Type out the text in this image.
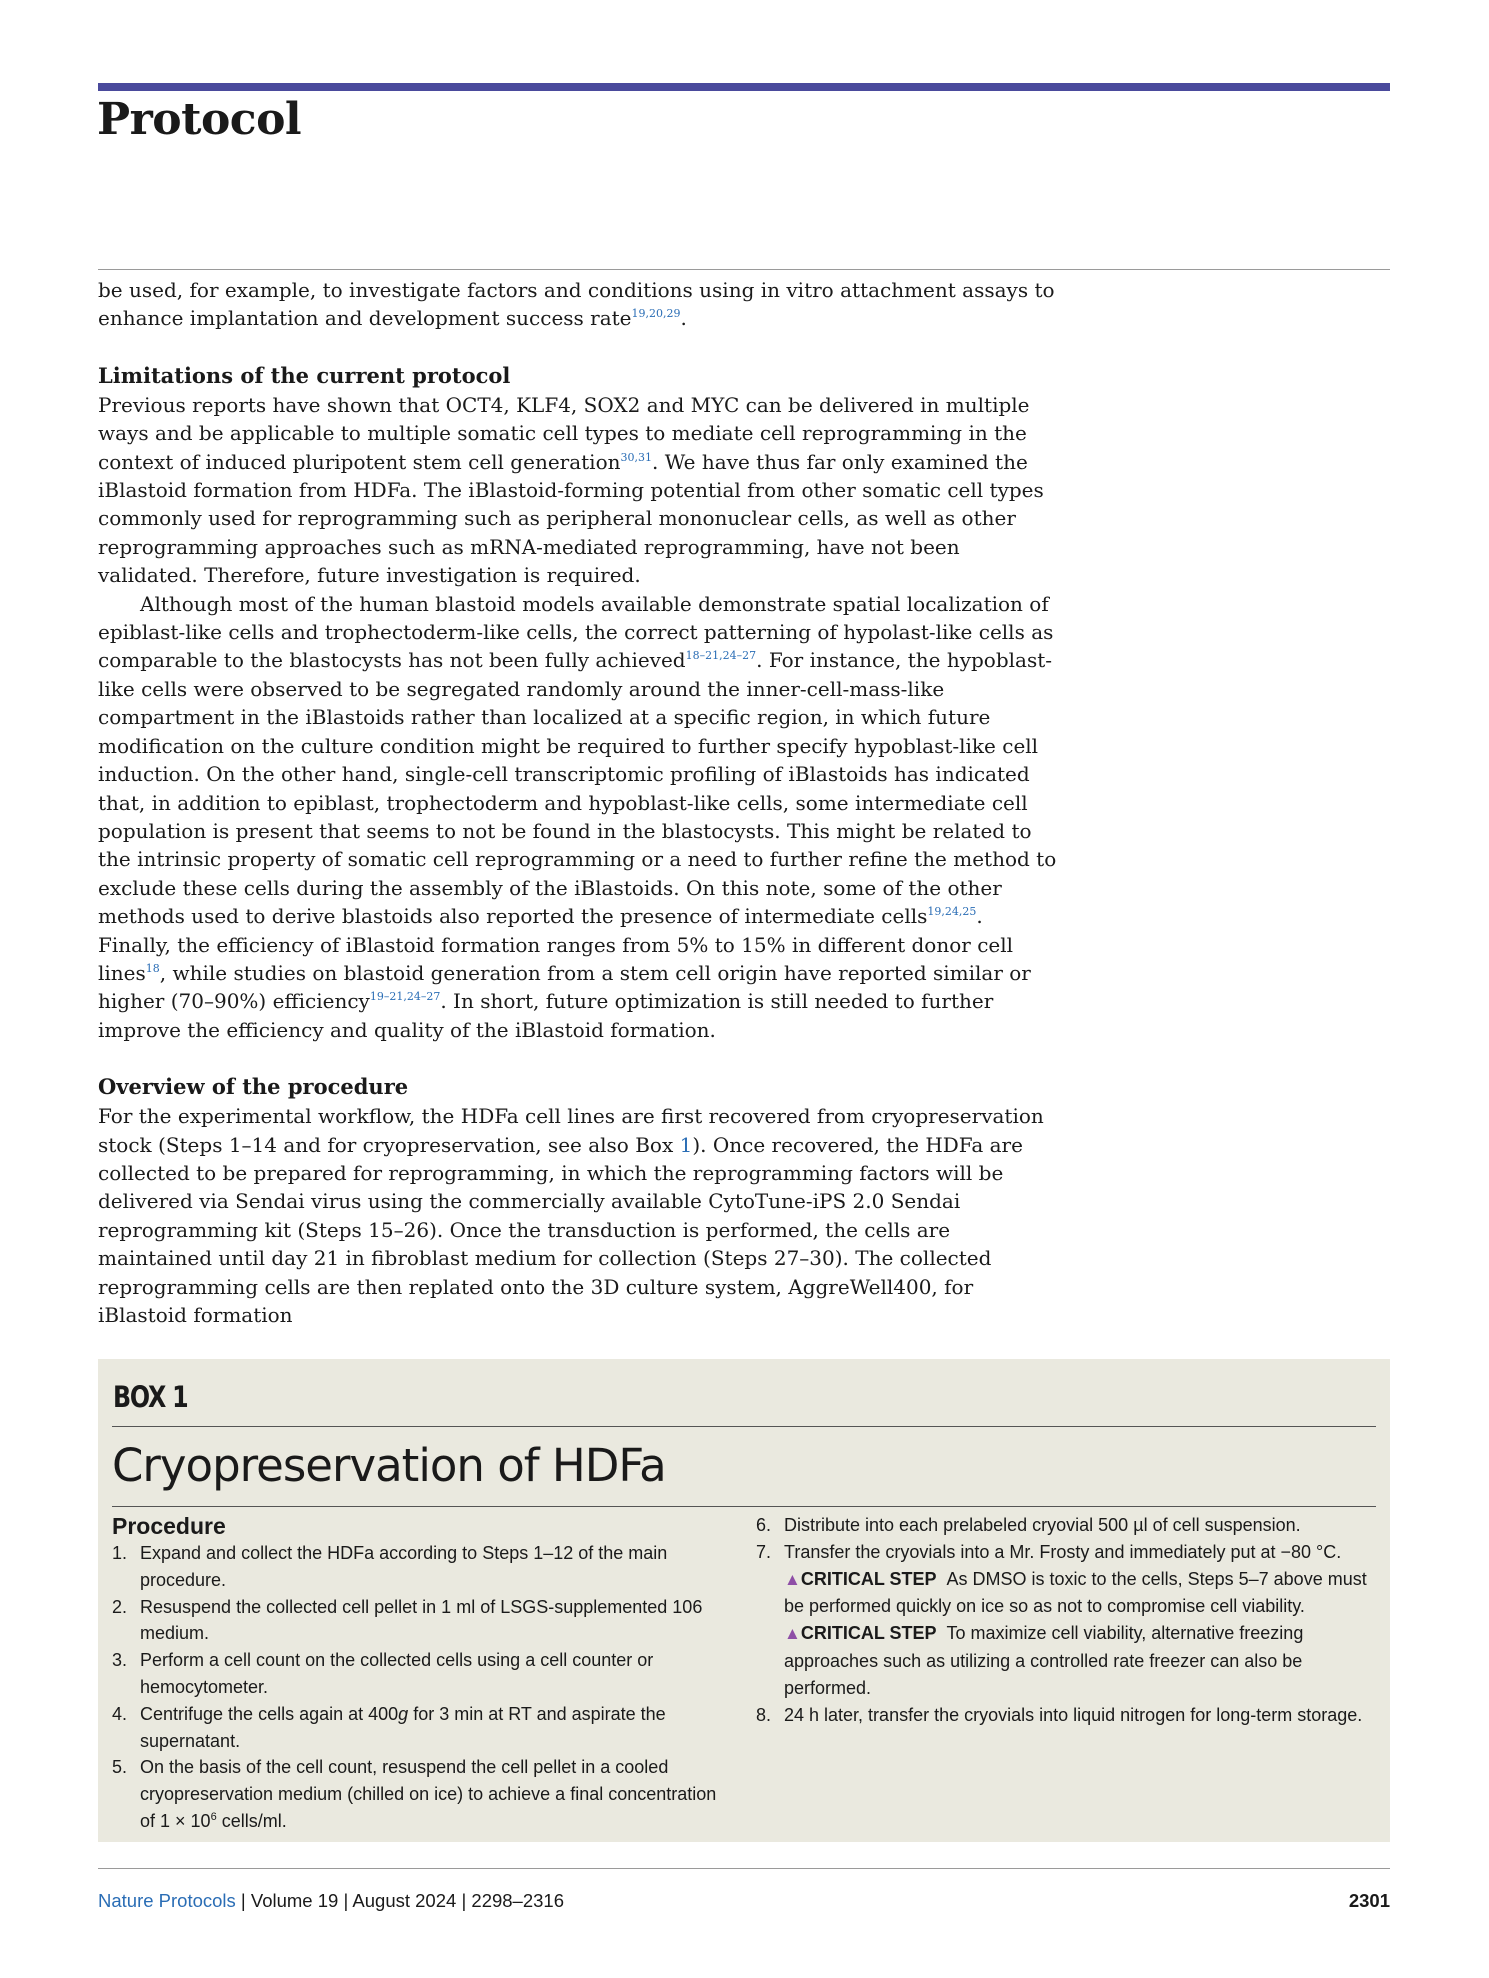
Protocol

be used, for example, to investigate factors and conditions using in vitro attachment assays to enhance implantation and development success rate$^{19,20,29}$.

Limitations of the current protocol

Previous reports have shown that OCT4, KLF4, SOX2 and MYC can be delivered in multiple ways and be applicable to multiple somatic cell types to mediate cell reprogramming in the context of induced pluripotent stem cell generation$^{30,31}$. We have thus far only examined the iBlastoid formation from HDFa. The iBlastoid-forming potential from other somatic cell types commonly used for reprogramming such as peripheral mononuclear cells, as well as other reprogramming approaches such as mRNA-mediated reprogramming, have not been validated. Therefore, future investigation is required.

Although most of the human blastoid models available demonstrate spatial localization of epiblast-like cells and trophectoderm-like cells, the correct patterning of hypolast-like cells as comparable to the blastocysts has not been fully achieved$^{18-21,24-27}$. For instance, the hypoblast-like cells were observed to be segregated randomly around the inner-cell-mass-like compartment in the iBlastoids rather than localized at a specific region, in which future modification on the culture condition might be required to further specify hypoblast-like cell induction. On the other hand, single-cell transcriptomic profiling of iBlastoids has indicated that, in addition to epiblast, trophectoderm and hypoblast-like cells, some intermediate cell population is present that seems to not be found in the blastocysts. This might be related to the intrinsic property of somatic cell reprogramming or a need to further refine the method to exclude these cells during the assembly of the iBlastoids. On this note, some of the other methods used to derive blastoids also reported the presence of intermediate cells$^{19,24,25}$. Finally, the efficiency of iBlastoid formation ranges from 5% to 15% in different donor cell lines$^{18}$, while studies on blastoid generation from a stem cell origin have reported similar or higher (70–90%) efficiency$^{19-21,24-27}$. In short, future optimization is still needed to further improve the efficiency and quality of the iBlastoid formation.

Overview of the procedure

For the experimental workflow, the HDFa cell lines are first recovered from cryopreservation stock (Steps 1–14 and for cryopreservation, see also Box 1). Once recovered, the HDFa are collected to be prepared for reprogramming, in which the reprogramming factors will be delivered via Sendai virus using the commercially available CytoTune-iPS 2.0 Sendai reprogramming kit (Steps 15–26). Once the transduction is performed, the cells are maintained until day 21 in fibroblast medium for collection (Steps 27–30). The collected reprogramming cells are then replated onto the 3D culture system, AggreWell400, for iBlastoid formation

BOX 1
Cryopreservation of HDFa
Procedure
1. Expand and collect the HDFa according to Steps 1–12 of the main procedure.
2. Resuspend the collected cell pellet in 1 ml of LSGS-supplemented 106 medium.
3. Perform a cell count on the collected cells using a cell counter or hemocytometer.
4. Centrifuge the cells again at 400g for 3 min at RT and aspirate the supernatant.
5. On the basis of the cell count, resuspend the cell pellet in a cooled cryopreservation medium (chilled on ice) to achieve a final concentration of $1 \times 10^6$ cells/ml.
6. Distribute into each prelabeled cryovial 500 µl of cell suspension.
7. Transfer the cryovials into a Mr. Frosty and immediately put at −80 °C.
▲CRITICAL STEP As DMSO is toxic to the cells, Steps 5–7 above must be performed quickly on ice so as not to compromise cell viability.
▲CRITICAL STEP To maximize cell viability, alternative freezing approaches such as utilizing a controlled rate freezer can also be performed.
8. 24 h later, transfer the cryovials into liquid nitrogen for long-term storage.
Nature Protocols | Volume 19 | August 2024 | 2298–2316	2301
